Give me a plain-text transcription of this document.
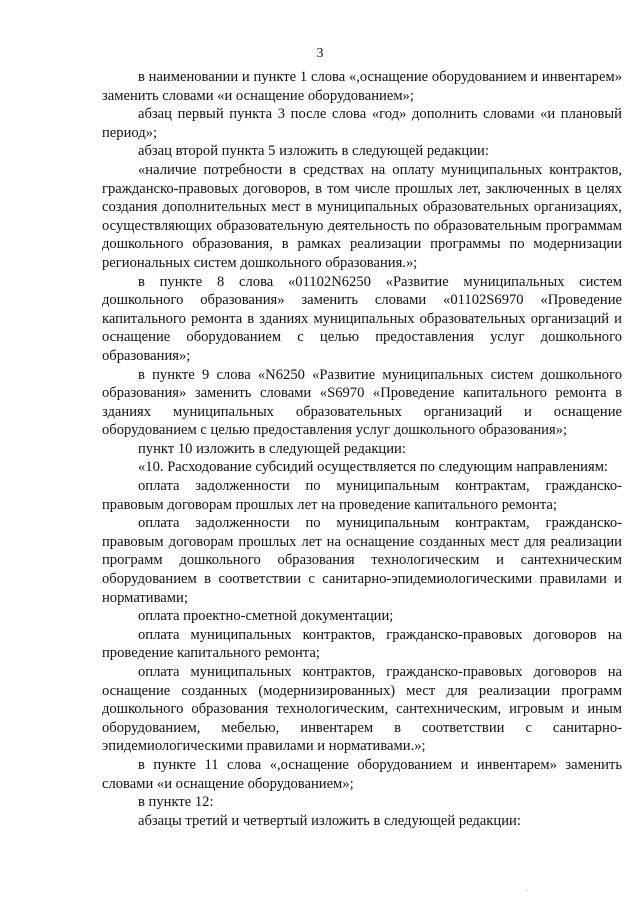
3

в наименовании и пункте 1 слова «,оснащение оборудованием и инвентарем» заменить словами «и оснащение оборудованием»;

абзац первый пункта 3 после слова «год» дополнить словами «и плановый период»;

абзац второй пункта 5 изложить в следующей редакции:

«наличие потребности в средствах на оплату муниципальных контрактов, гражданско-правовых договоров, в том числе прошлых лет, заключенных в целях создания дополнительных мест в муниципальных образовательных организациях, осуществляющих образовательную деятельность по образовательным программам дошкольного образования, в рамках реализации программы по модернизации региональных систем дошкольного образования.»;

в пункте 8 слова «01102N6250 «Развитие муниципальных систем дошкольного образования» заменить словами «01102S6970 «Проведение капитального ремонта в зданиях муниципальных образовательных организаций и оснащение оборудованием с целью предоставления услуг дошкольного образования»;

в пункте 9 слова «N6250 «Развитие муниципальных систем дошкольного образования» заменить словами «S6970 «Проведение капитального ремонта в зданиях муниципальных образовательных организаций и оснащение оборудованием с целью предоставления услуг дошкольного образования»;

пункт 10 изложить в следующей редакции:

«10. Расходование субсидий осуществляется по следующим направлениям:

оплата задолженности по муниципальным контрактам, гражданско-правовым договорам прошлых лет на проведение капитального ремонта;

оплата задолженности по муниципальным контрактам, гражданско-правовым договорам прошлых лет на оснащение созданных мест для реализации программ дошкольного образования технологическим и сантехническим оборудованием в соответствии с санитарно-эпидемиологическими правилами и нормативами;

оплата проектно-сметной документации;

оплата муниципальных контрактов, гражданско-правовых договоров на проведение капитального ремонта;

оплата муниципальных контрактов, гражданско-правовых договоров на оснащение созданных (модернизированных) мест для реализации программ дошкольного образования технологическим, сантехническим, игровым и иным оборудованием, мебелью, инвентарем в соответствии с санитарно-эпидемиологическими правилами и нормативами.»;

в пункте 11 слова «,оснащение оборудованием и инвентарем» заменить словами «и оснащение оборудованием»;

в пункте 12:

абзацы третий и четвертый изложить в следующей редакции:

.
